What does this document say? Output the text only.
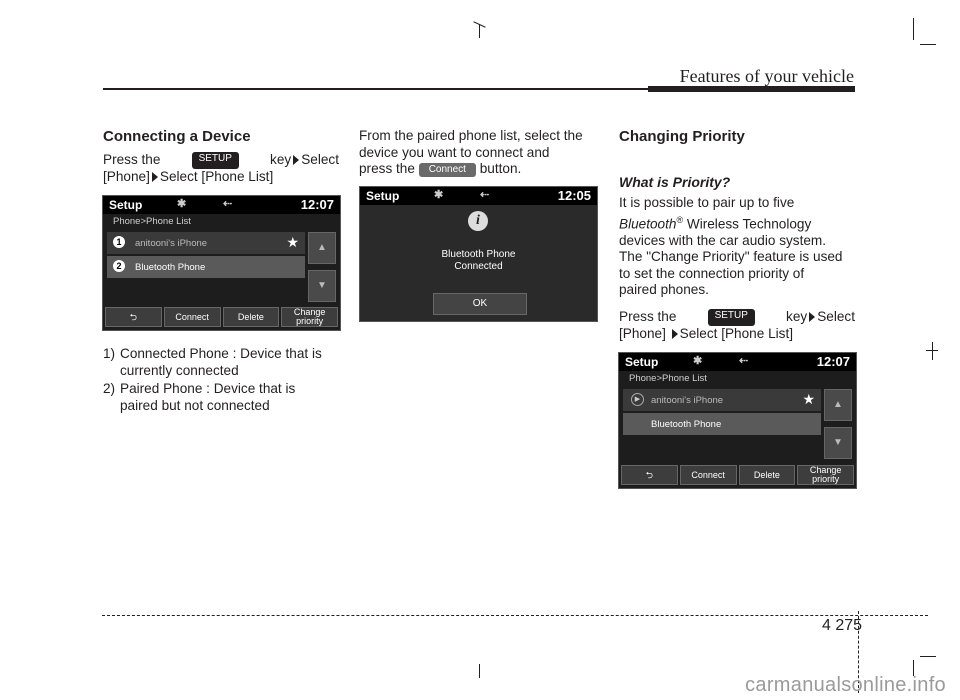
Features of your vehicle
Connecting a Device
Press the	SETUP	key Select
[Phone] Select [Phone List]
Setup	✱	⇠	12:07
Phone>Phone List
1	anitooni's iPhone	★
2	Bluetooth Phone
▲
▼
⮌	Connect	Delete	Change
priority
1) Connected Phone : Device that is
currently connected
2) Paired Phone : Device that is
paired but not connected
From the paired phone list, select the
device you want to connect and
press the Connect button.
Setup	✱	⇠	12:05
i
Bluetooth Phone
Connected
OK
Changing Priority
What is Priority?
It is possible to pair up to five
Bluetooth® Wireless Technology
devices with the car audio system.
The "Change Priority" feature is used
to set the connection priority of
paired phones.
Press the	SETUP	key Select
[Phone] Select [Phone List]
Setup	✱	⇠	12:07
Phone>Phone List
▶	anitooni's iPhone	★
Bluetooth Phone
▲
▼
⮌	Connect	Delete	Change
priority
4 275
carmanualsonline.info
